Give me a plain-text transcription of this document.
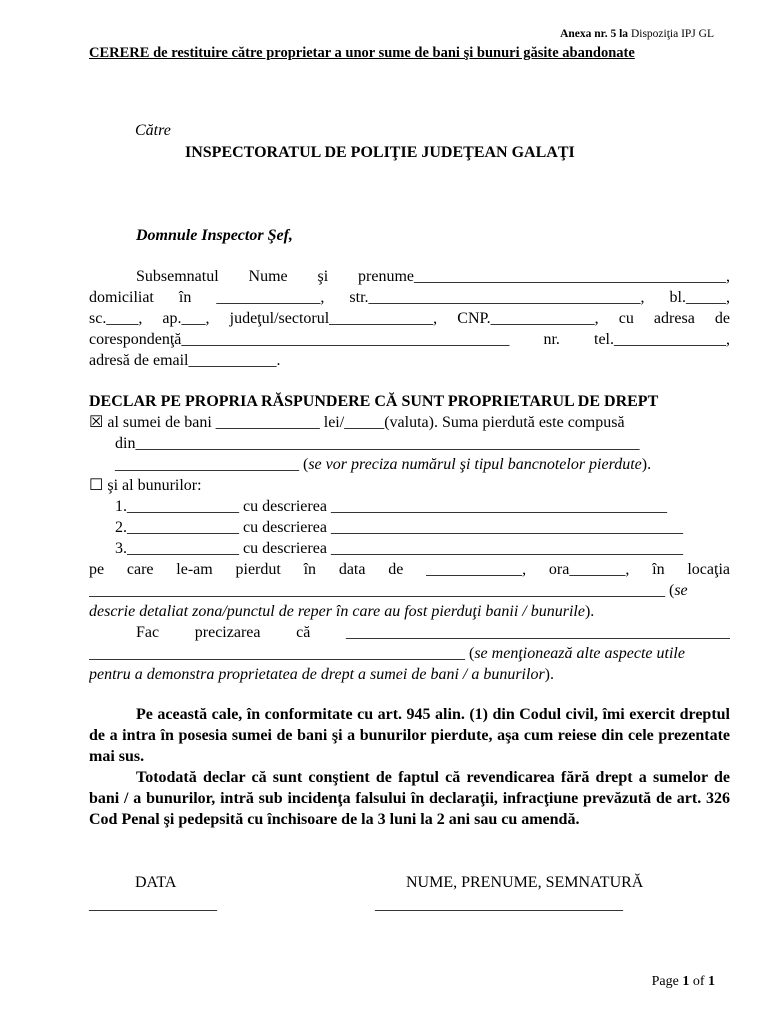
Anexa nr. 5 la Dispoziţia IPJ GL
CERERE de restituire către proprietar a unor sume de bani şi bunuri găsite abandonate
Către
INSPECTORATUL DE POLIŢIE JUDEŢEAN GALAŢI
Domnule Inspector Şef,
Subsemnatul Nume şi prenume_______________________________________,
domiciliat în _____________, str.__________________________________, bl._____,
sc.____, ap.___, judeţul/sectorul_____________, CNP._____________, cu adresa de
corespondenţă_________________________________________ nr. tel.______________,
adresă de email___________.
DECLAR PE PROPRIA RĂSPUNDERE CĂ SUNT PROPRIETARUL DE DREPT
☒ al sumei de bani _____________ lei/_____(valuta). Suma pierdută este compusă
din_______________________________________________________________
_______________________ (se vor preciza numărul şi tipul bancnotelor pierdute).
☐ şi al bunurilor:
1.______________ cu descrierea __________________________________________
2.______________ cu descrierea ____________________________________________
3.______________ cu descrierea ____________________________________________
pe care le-am pierdut în data de ____________, ora_______, în locaţia
________________________________________________________________________ (se
descrie detaliat zona/punctul de reper în care au fost pierduţi banii / bunurile).
Fac precizarea că ________________________________________________
_______________________________________________ (se menţionează alte aspecte utile
pentru a demonstra proprietatea de drept a sumei de bani / a bunurilor).
Pe această cale, în conformitate cu art. 945 alin. (1) din Codul civil, îmi exercit dreptul de a intra în posesia sumei de bani şi a bunurilor pierdute, aşa cum reiese din cele prezentate mai sus.
Totodată declar că sunt conştient de faptul că revendicarea fără drept a sumelor de bani / a bunurilor, intră sub incidenţa falsului în declaraţii, infracţiune prevăzută de art. 326 Cod Penal şi pedepsită cu închisoare de la 3 luni la 2 ani sau cu amendă.
DATA
________________
NUME, PRENUME, SEMNATURĂ
_______________________________
Page 1 of 1
